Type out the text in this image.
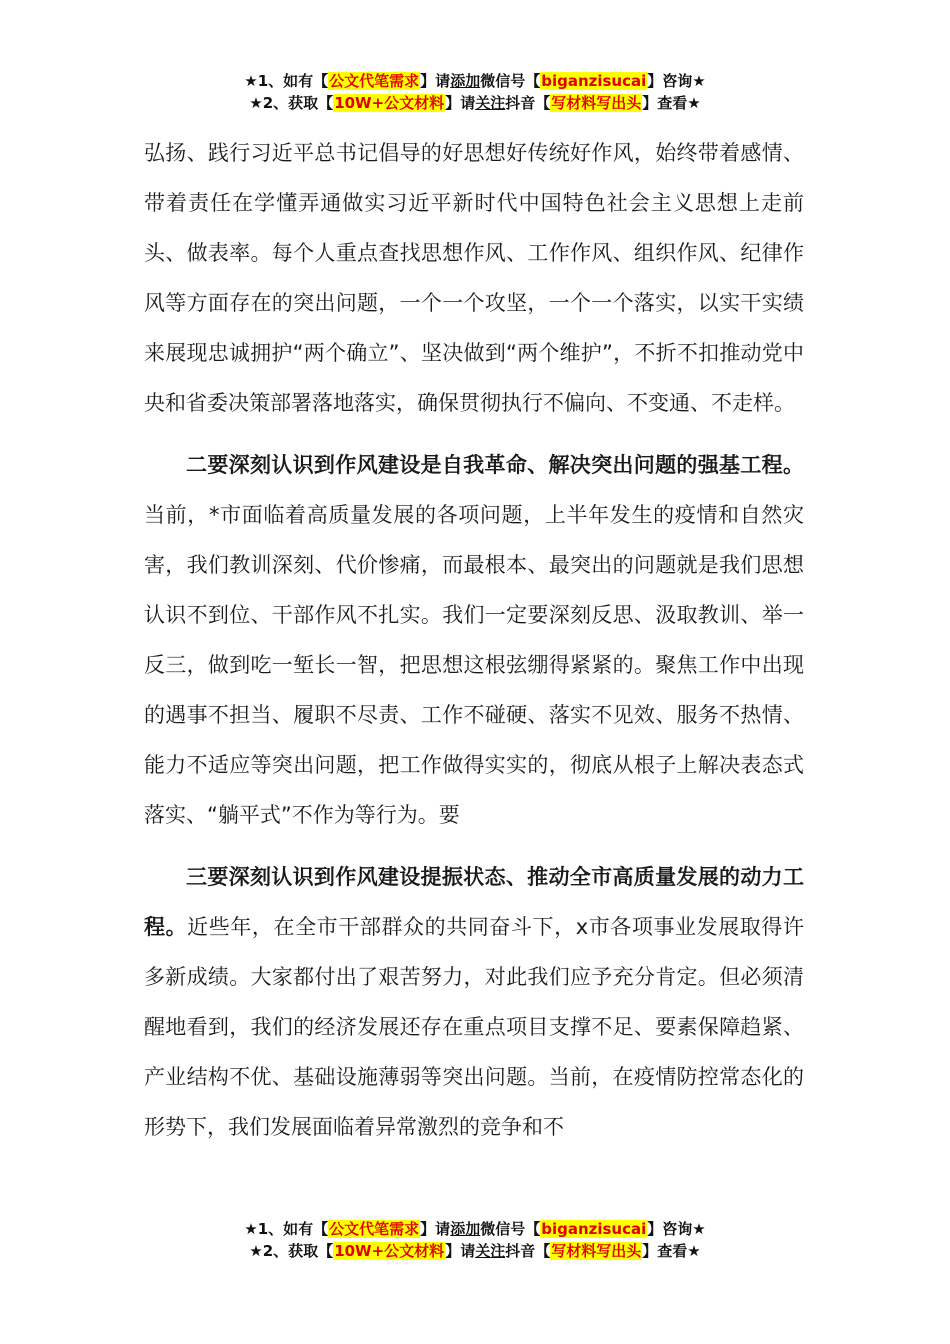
★1、如有【公文代笔需求】请添加微信号【biganzisucai】咨询★
★2、获取【10W+公文材料】请关注抖音【写材料写出头】查看★

弘扬、践行习近平总书记倡导的好思想好传统好作风，始终带着感情、带着责任在学懂弄通做实习近平新时代中国特色社会主义思想上走前头、做表率。每个人重点查找思想作风、工作作风、组织作风、纪律作风等方面存在的突出问题，一个一个攻坚，一个一个落实，以实干实绩来展现忠诚拥护“两个确立”、坚决做到“两个维护”，不折不扣推动党中央和省委决策部署落地落实，确保贯彻执行不偏向、不变通、不走样。

二要深刻认识到作风建设是自我革命、解决突出问题的强基工程。当前，*市面临着高质量发展的各项问题，上半年发生的疫情和自然灾害，我们教训深刻、代价惨痛，而最根本、最突出的问题就是我们思想认识不到位、干部作风不扎实。我们一定要深刻反思、汲取教训、举一反三，做到吃一堑长一智，把思想这根弦绷得紧紧的。聚焦工作中出现的遇事不担当、履职不尽责、工作不碰硬、落实不见效、服务不热情、能力不适应等突出问题，把工作做得实实的，彻底从根子上解决表态式落实、“躺平式”不作为等行为。要

三要深刻认识到作风建设提振状态、推动全市高质量发展的动力工程。近些年，在全市干部群众的共同奋斗下，x市各项事业发展取得许多新成绩。大家都付出了艰苦努力，对此我们应予充分肯定。但必须清醒地看到，我们的经济发展还存在重点项目支撑不足、要素保障趋紧、产业结构不优、基础设施薄弱等突出问题。当前，在疫情防控常态化的形势下，我们发展面临着异常激烈的竞争和不

★1、如有【公文代笔需求】请添加微信号【biganzisucai】咨询★
★2、获取【10W+公文材料】请关注抖音【写材料写出头】查看★
